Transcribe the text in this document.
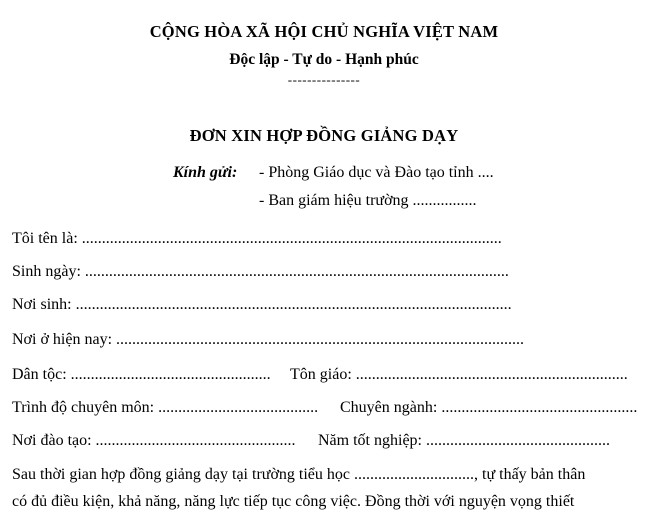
CỘNG HÒA XÃ HỘI CHỦ NGHĨA VIỆT NAM
Độc lập - Tự do - Hạnh phúc
---------------
ĐƠN XIN HỢP ĐỒNG GIẢNG DẠY
Kính gửi: - Phòng Giáo dục và Đào tạo tỉnh ....
- Ban giám hiệu trường ................
Tôi tên là: .........................................................................................................
Sinh ngày: ..........................................................................................................
Nơi sinh: .............................................................................................................
Nơi ở hiện nay: ......................................................................................................
Dân tộc: .................................................. Tôn giáo: ....................................................................
Trình độ chuyên môn: ........................................ Chuyên ngành: .................................................
Nơi đào tạo: .................................................. Năm tốt nghiệp: ..............................................
Sau thời gian hợp đồng giảng dạy tại trường tiểu học .............................., tự thấy bản thân
có đủ điều kiện, khả năng, năng lực tiếp tục công việc. Đồng thời với nguyện vọng thiết
